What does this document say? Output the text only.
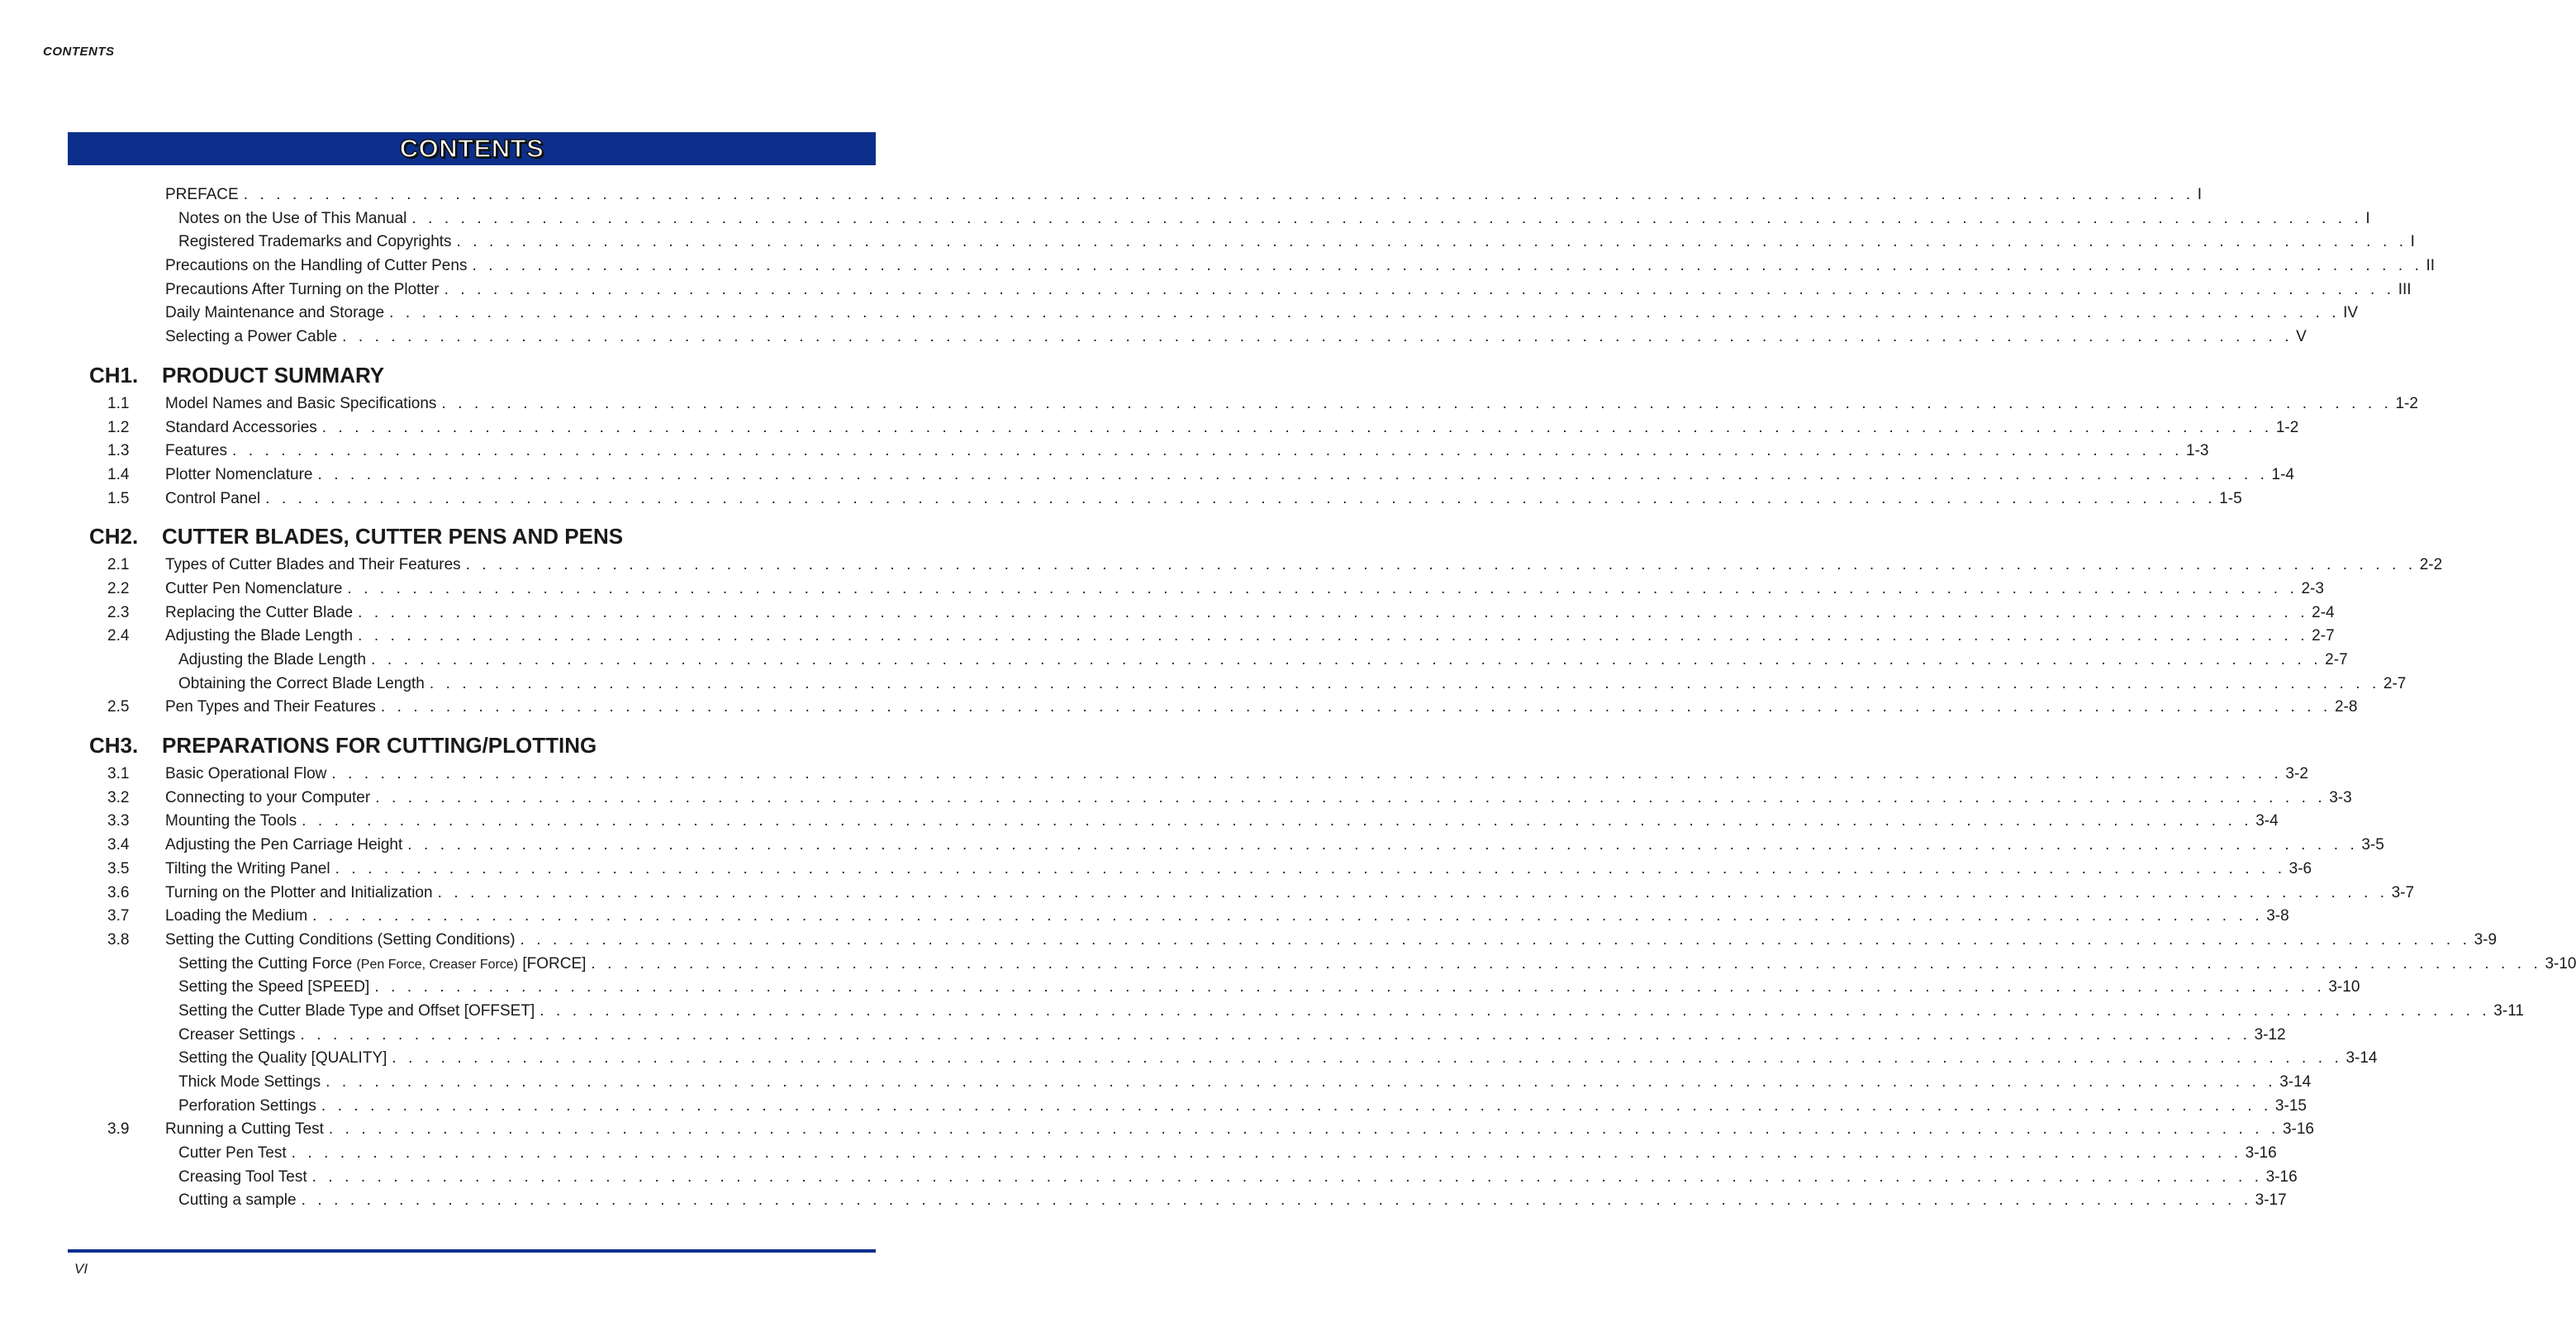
CONTENTS
CONTENTS
PREFACE . . . . . . . . . . . . . . . . . . . . . . . . . . . . . . . . . . . . . . . . . . . . . . . . . . . . . . . . . . . . . . . . . . . . . . . . . . . . . . . . . . . . . . . . . . . . . . . . . . . . . . . . . . . . . . . . . . . . . . . . I
Notes on the Use of This Manual . . . . . . . . . . . . . . . . . . . . . . . . . . . . . . . . . . . . . . . . . . . . . . . . . . . . . . . . . . . . . . . . . . . . . . . . . . . . . . . . . . . . . . . . . . . . . . . . . . . . . . . . . . . . . . . . . . . . . . . . I
Registered Trademarks and Copyrights . . . . . . . . . . . . . . . . . . . . . . . . . . . . . . . . . . . . . . . . . . . . . . . . . . . . . . . . . . . . . . . . . . . . . . . . . . . . . . . . . . . . . . . . . . . . . . . . . . . . . . . . . . . . . . . . . . . . . . . . I
Precautions on the Handling of Cutter Pens . . . . . . . . . . . . . . . . . . . . . . . . . . . . . . . . . . . . . . . . . . . . . . . . . . . . . . . . . . . . . . . . . . . . . . . . . . . . . . . . . . . . . . . . . . . . . . . . . . . . . . . . . . . . . . . . . . . . . . . . II
Precautions After Turning on the Plotter . . . . . . . . . . . . . . . . . . . . . . . . . . . . . . . . . . . . . . . . . . . . . . . . . . . . . . . . . . . . . . . . . . . . . . . . . . . . . . . . . . . . . . . . . . . . . . . . . . . . . . . . . . . . . . . . . . . . . . . . III
Daily Maintenance and Storage . . . . . . . . . . . . . . . . . . . . . . . . . . . . . . . . . . . . . . . . . . . . . . . . . . . . . . . . . . . . . . . . . . . . . . . . . . . . . . . . . . . . . . . . . . . . . . . . . . . . . . . . . . . . . . . . . . . . . . . . IV
Selecting a Power Cable . . . . . . . . . . . . . . . . . . . . . . . . . . . . . . . . . . . . . . . . . . . . . . . . . . . . . . . . . . . . . . . . . . . . . . . . . . . . . . . . . . . . . . . . . . . . . . . . . . . . . . . . . . . . . . . . . . . . . . . . V
CH1. PRODUCT SUMMARY
1.1	Model Names and Basic Specifications . . . . . . . . . . . . . . . . . . . . . . . . . . . . . . . . . . . . . . . . . . . . . . . . . . . . . . . . . . . . . . . . . . . . . . . . . . . . . . . . . . . . . . . . . . . . . . . . . . . . . . . . . . . . . . . . . . . . . . . . 1-2
1.2	Standard Accessories . . . . . . . . . . . . . . . . . . . . . . . . . . . . . . . . . . . . . . . . . . . . . . . . . . . . . . . . . . . . . . . . . . . . . . . . . . . . . . . . . . . . . . . . . . . . . . . . . . . . . . . . . . . . . . . . . . . . . . . . 1-2
1.3	Features . . . . . . . . . . . . . . . . . . . . . . . . . . . . . . . . . . . . . . . . . . . . . . . . . . . . . . . . . . . . . . . . . . . . . . . . . . . . . . . . . . . . . . . . . . . . . . . . . . . . . . . . . . . . . . . . . . . . . . . . 1-3
1.4	Plotter Nomenclature . . . . . . . . . . . . . . . . . . . . . . . . . . . . . . . . . . . . . . . . . . . . . . . . . . . . . . . . . . . . . . . . . . . . . . . . . . . . . . . . . . . . . . . . . . . . . . . . . . . . . . . . . . . . . . . . . . . . . . . . 1-4
1.5	Control Panel . . . . . . . . . . . . . . . . . . . . . . . . . . . . . . . . . . . . . . . . . . . . . . . . . . . . . . . . . . . . . . . . . . . . . . . . . . . . . . . . . . . . . . . . . . . . . . . . . . . . . . . . . . . . . . . . . . . . . . . . 1-5
CH2. CUTTER BLADES, CUTTER PENS AND PENS
2.1	Types of Cutter Blades and Their Features . . . . . . . . . . . . . . . . . . . . . . . . . . . . . . . . . . . . . . . . . . . . . . . . . . . . . . . . . . . . . . . . . . . . . . . . . . . . . . . . . . . . . . . . . . . . . . . . . . . . . . . . . . . . . . . . . . . . . . . . 2-2
2.2	Cutter Pen Nomenclature . . . . . . . . . . . . . . . . . . . . . . . . . . . . . . . . . . . . . . . . . . . . . . . . . . . . . . . . . . . . . . . . . . . . . . . . . . . . . . . . . . . . . . . . . . . . . . . . . . . . . . . . . . . . . . . . . . . . . . . . 2-3
2.3	Replacing the Cutter Blade . . . . . . . . . . . . . . . . . . . . . . . . . . . . . . . . . . . . . . . . . . . . . . . . . . . . . . . . . . . . . . . . . . . . . . . . . . . . . . . . . . . . . . . . . . . . . . . . . . . . . . . . . . . . . . . . . . . . . . . . 2-4
2.4	Adjusting the Blade Length . . . . . . . . . . . . . . . . . . . . . . . . . . . . . . . . . . . . . . . . . . . . . . . . . . . . . . . . . . . . . . . . . . . . . . . . . . . . . . . . . . . . . . . . . . . . . . . . . . . . . . . . . . . . . . . . . . . . . . . . 2-7
Adjusting the Blade Length . . . . . . . . . . . . . . . . . . . . . . . . . . . . . . . . . . . . . . . . . . . . . . . . . . . . . . . . . . . . . . . . . . . . . . . . . . . . . . . . . . . . . . . . . . . . . . . . . . . . . . . . . . . . . . . . . . . . . . . . 2-7
Obtaining the Correct Blade Length . . . . . . . . . . . . . . . . . . . . . . . . . . . . . . . . . . . . . . . . . . . . . . . . . . . . . . . . . . . . . . . . . . . . . . . . . . . . . . . . . . . . . . . . . . . . . . . . . . . . . . . . . . . . . . . . . . . . . . . . 2-7
2.5	Pen Types and Their Features . . . . . . . . . . . . . . . . . . . . . . . . . . . . . . . . . . . . . . . . . . . . . . . . . . . . . . . . . . . . . . . . . . . . . . . . . . . . . . . . . . . . . . . . . . . . . . . . . . . . . . . . . . . . . . . . . . . . . . . . 2-8
CH3. PREPARATIONS FOR CUTTING/PLOTTING
3.1	Basic Operational Flow . . . . . . . . . . . . . . . . . . . . . . . . . . . . . . . . . . . . . . . . . . . . . . . . . . . . . . . . . . . . . . . . . . . . . . . . . . . . . . . . . . . . . . . . . . . . . . . . . . . . . . . . . . . . . . . . . . . . . . . . 3-2
3.2	Connecting to your Computer . . . . . . . . . . . . . . . . . . . . . . . . . . . . . . . . . . . . . . . . . . . . . . . . . . . . . . . . . . . . . . . . . . . . . . . . . . . . . . . . . . . . . . . . . . . . . . . . . . . . . . . . . . . . . . . . . . . . . . . . 3-3
3.3	Mounting the Tools . . . . . . . . . . . . . . . . . . . . . . . . . . . . . . . . . . . . . . . . . . . . . . . . . . . . . . . . . . . . . . . . . . . . . . . . . . . . . . . . . . . . . . . . . . . . . . . . . . . . . . . . . . . . . . . . . . . . . . . . 3-4
3.4	Adjusting the Pen Carriage Height . . . . . . . . . . . . . . . . . . . . . . . . . . . . . . . . . . . . . . . . . . . . . . . . . . . . . . . . . . . . . . . . . . . . . . . . . . . . . . . . . . . . . . . . . . . . . . . . . . . . . . . . . . . . . . . . . . . . . . . . 3-5
3.5	Tilting the Writing Panel . . . . . . . . . . . . . . . . . . . . . . . . . . . . . . . . . . . . . . . . . . . . . . . . . . . . . . . . . . . . . . . . . . . . . . . . . . . . . . . . . . . . . . . . . . . . . . . . . . . . . . . . . . . . . . . . . . . . . . . . 3-6
3.6	Turning on the Plotter and Initialization . . . . . . . . . . . . . . . . . . . . . . . . . . . . . . . . . . . . . . . . . . . . . . . . . . . . . . . . . . . . . . . . . . . . . . . . . . . . . . . . . . . . . . . . . . . . . . . . . . . . . . . . . . . . . . . . . . . . . . . . 3-7
3.7	Loading the Medium . . . . . . . . . . . . . . . . . . . . . . . . . . . . . . . . . . . . . . . . . . . . . . . . . . . . . . . . . . . . . . . . . . . . . . . . . . . . . . . . . . . . . . . . . . . . . . . . . . . . . . . . . . . . . . . . . . . . . . . . 3-8
3.8	Setting the Cutting Conditions (Setting Conditions) . . . . . . . . . . . . . . . . . . . . . . . . . . . . . . . . . . . . . . . . . . . . . . . . . . . . . . . . . . . . . . . . . . . . . . . . . . . . . . . . . . . . . . . . . . . . . . . . . . . . . . . . . . . . . . . . . . . . . . . . 3-9
Setting the Cutting Force (Pen Force, Creaser Force) [FORCE] . . . . . . . . . . . . . . . . . . . . . . . . . . . . . . . . . . . . . . . . . . . . . . . . . . . . . . . . . . . . . . . . . . . . . . . . . . . . . . . . . . . . . . . . . . . . . . . . . . . . . . . . . . . . . . . . . . . . . . . . 3-10
Setting the Speed [SPEED] . . . . . . . . . . . . . . . . . . . . . . . . . . . . . . . . . . . . . . . . . . . . . . . . . . . . . . . . . . . . . . . . . . . . . . . . . . . . . . . . . . . . . . . . . . . . . . . . . . . . . . . . . . . . . . . . . . . . . . . . 3-10
Setting the Cutter Blade Type and Offset [OFFSET] . . . . . . . . . . . . . . . . . . . . . . . . . . . . . . . . . . . . . . . . . . . . . . . . . . . . . . . . . . . . . . . . . . . . . . . . . . . . . . . . . . . . . . . . . . . . . . . . . . . . . . . . . . . . . . . . . . . . . . . . 3-11
Creaser Settings . . . . . . . . . . . . . . . . . . . . . . . . . . . . . . . . . . . . . . . . . . . . . . . . . . . . . . . . . . . . . . . . . . . . . . . . . . . . . . . . . . . . . . . . . . . . . . . . . . . . . . . . . . . . . . . . . . . . . . . . 3-12
Setting the Quality [QUALITY] . . . . . . . . . . . . . . . . . . . . . . . . . . . . . . . . . . . . . . . . . . . . . . . . . . . . . . . . . . . . . . . . . . . . . . . . . . . . . . . . . . . . . . . . . . . . . . . . . . . . . . . . . . . . . . . . . . . . . . . . 3-14
Thick Mode Settings . . . . . . . . . . . . . . . . . . . . . . . . . . . . . . . . . . . . . . . . . . . . . . . . . . . . . . . . . . . . . . . . . . . . . . . . . . . . . . . . . . . . . . . . . . . . . . . . . . . . . . . . . . . . . . . . . . . . . . . . 3-14
Perforation Settings . . . . . . . . . . . . . . . . . . . . . . . . . . . . . . . . . . . . . . . . . . . . . . . . . . . . . . . . . . . . . . . . . . . . . . . . . . . . . . . . . . . . . . . . . . . . . . . . . . . . . . . . . . . . . . . . . . . . . . . . 3-15
3.9	Running a Cutting Test . . . . . . . . . . . . . . . . . . . . . . . . . . . . . . . . . . . . . . . . . . . . . . . . . . . . . . . . . . . . . . . . . . . . . . . . . . . . . . . . . . . . . . . . . . . . . . . . . . . . . . . . . . . . . . . . . . . . . . . . 3-16
Cutter Pen Test . . . . . . . . . . . . . . . . . . . . . . . . . . . . . . . . . . . . . . . . . . . . . . . . . . . . . . . . . . . . . . . . . . . . . . . . . . . . . . . . . . . . . . . . . . . . . . . . . . . . . . . . . . . . . . . . . . . . . . . . 3-16
Creasing Tool Test . . . . . . . . . . . . . . . . . . . . . . . . . . . . . . . . . . . . . . . . . . . . . . . . . . . . . . . . . . . . . . . . . . . . . . . . . . . . . . . . . . . . . . . . . . . . . . . . . . . . . . . . . . . . . . . . . . . . . . . . 3-16
Cutting a sample . . . . . . . . . . . . . . . . . . . . . . . . . . . . . . . . . . . . . . . . . . . . . . . . . . . . . . . . . . . . . . . . . . . . . . . . . . . . . . . . . . . . . . . . . . . . . . . . . . . . . . . . . . . . . . . . . . . . . . . . 3-17
VI
